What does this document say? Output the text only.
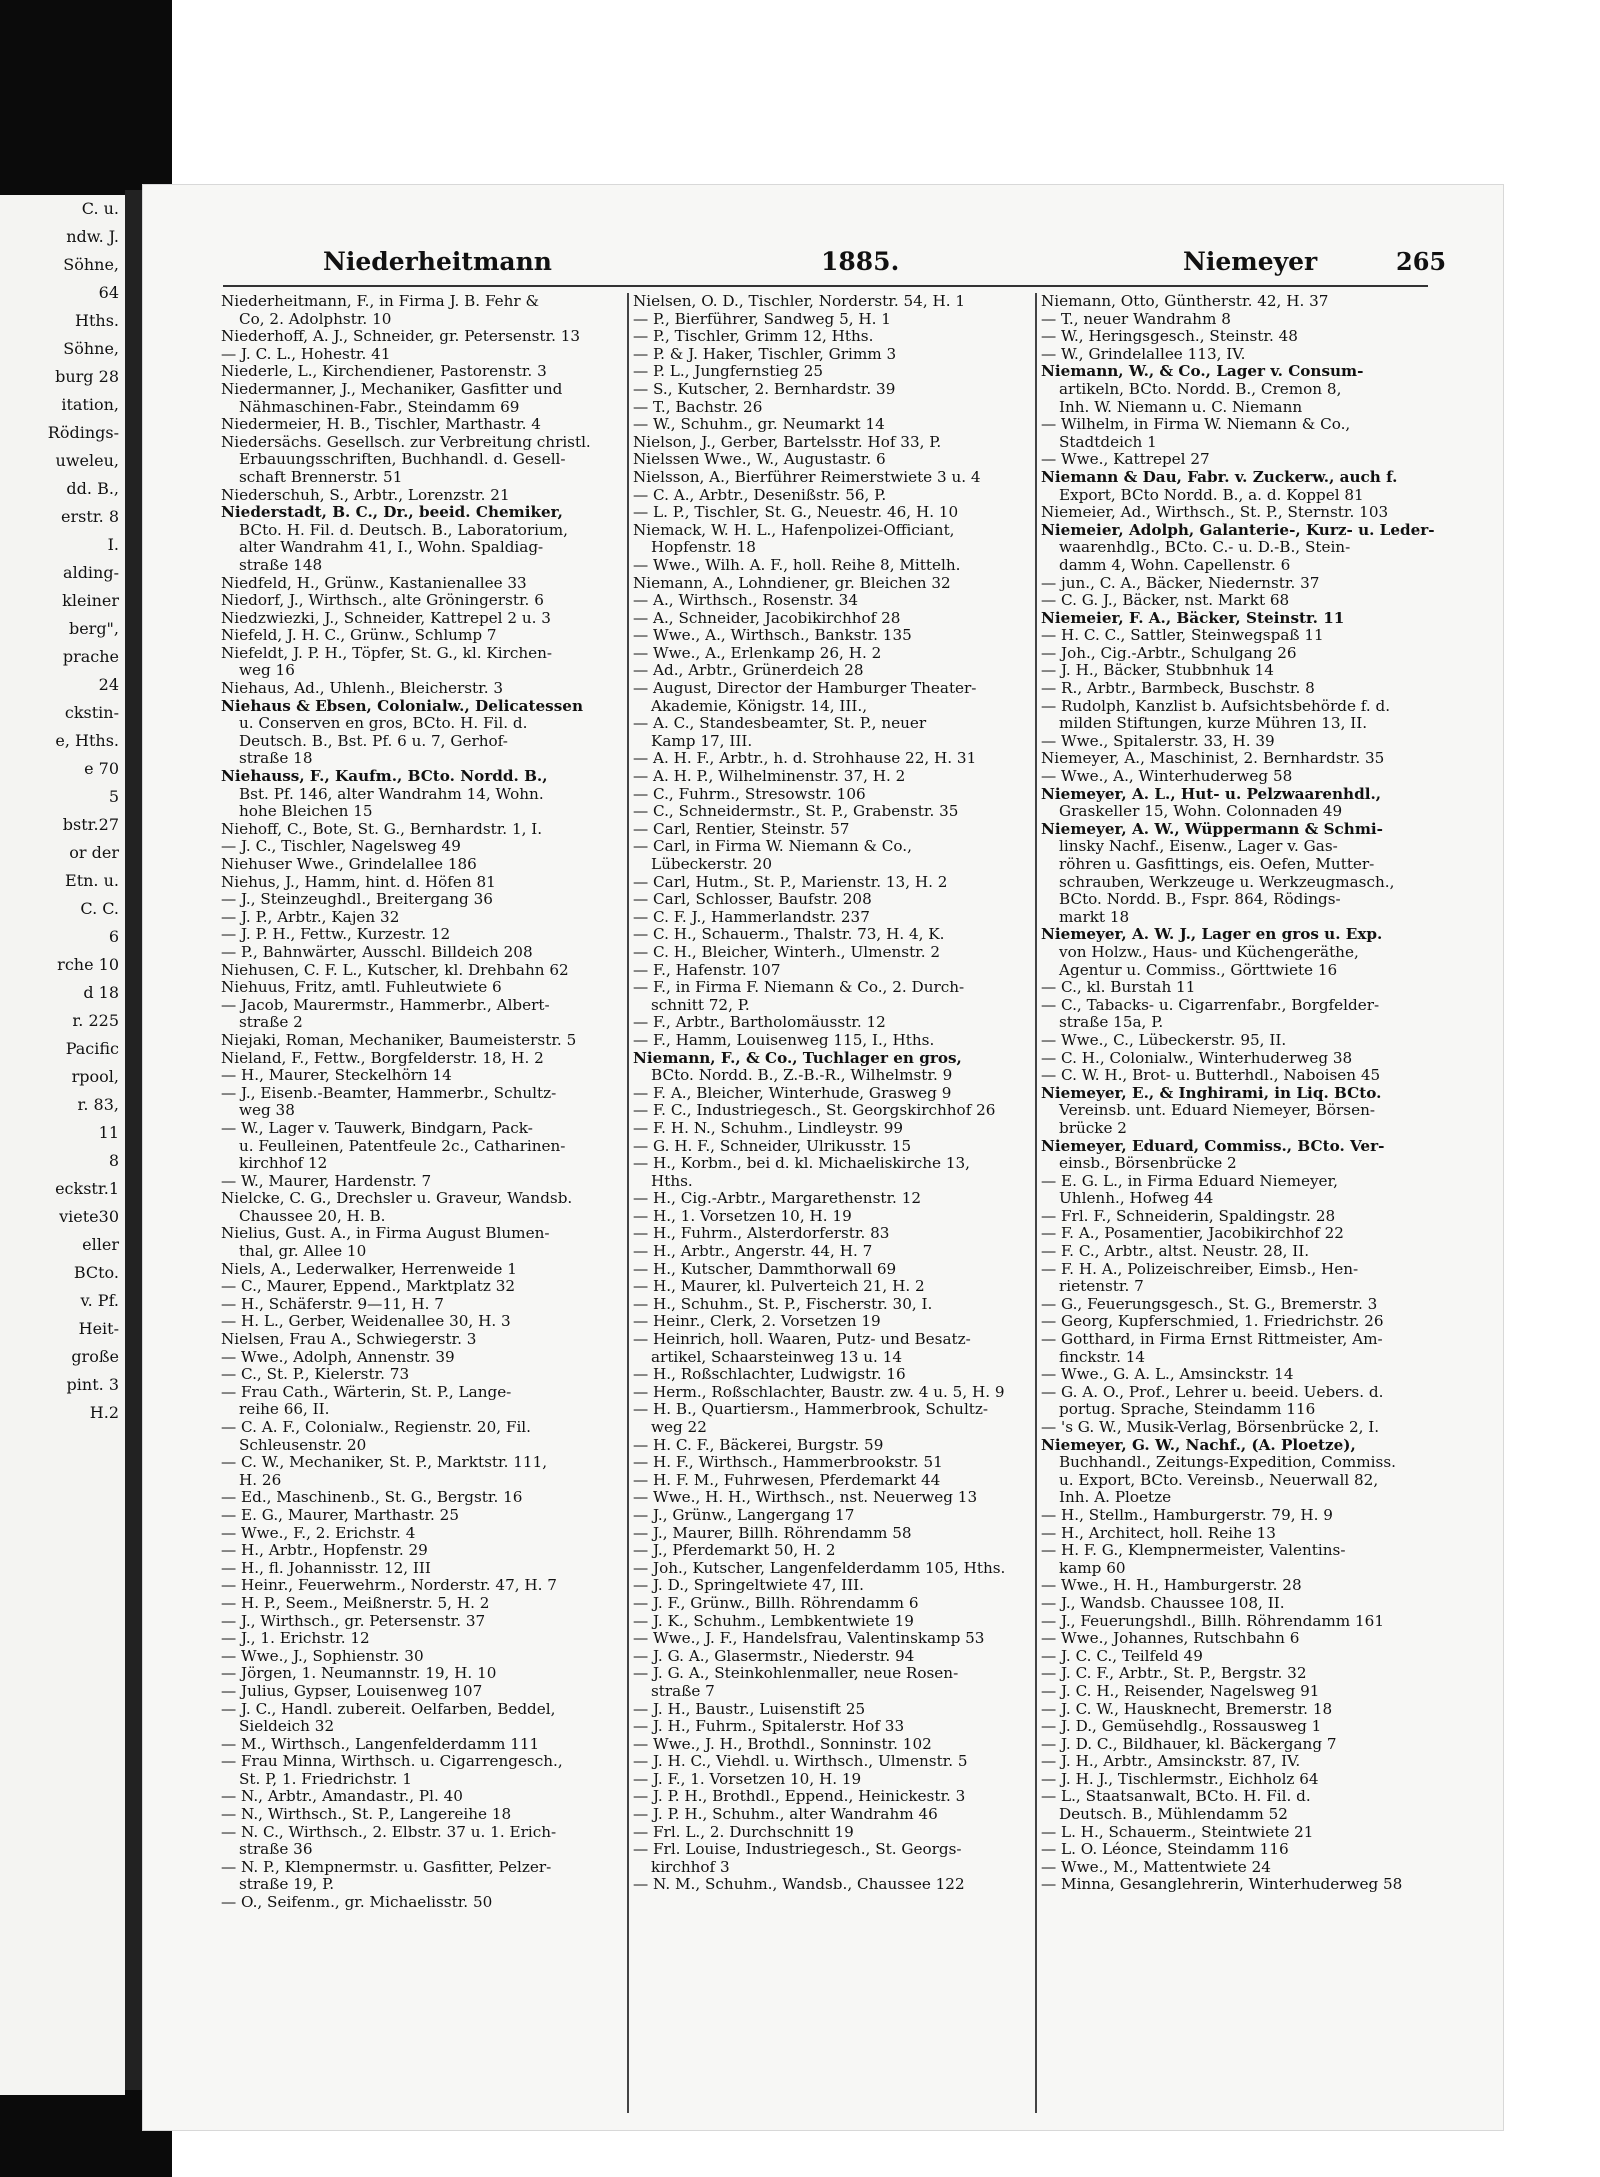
C. u.
ndw. J.
Söhne,
64
Hths.
Söhne,
burg 28
itation,
Rödings-
uweleu,
dd. B.,
erstr. 8
I.
alding-
kleiner
berg",
prache
24
ckstin-
e, Hths.
e 70
5
bstr.27
or der
Etn. u.
C. C.
6
rche 10
d 18
r. 225
Pacific
rpool,
r. 83,
11
8
eckstr.1
viete30
eller
BCto.
v. Pf.
Heit-
große
pint. 3
H.2
Niederheitmann	1885.	Niemeyer	265
Niederheitmann, F., in Firma J. B. Fehr &
Co, 2. Adolphstr. 10
Niederhoff, A. J., Schneider, gr. Petersenstr. 13
— J. C. L., Hohestr. 41
Niederle, L., Kirchendiener, Pastorenstr. 3
Niedermanner, J., Mechaniker, Gasfitter und
Nähmaschinen-Fabr., Steindamm 69
Niedermeier, H. B., Tischler, Marthastr. 4
Niedersächs. Gesellsch. zur Verbreitung christl.
Erbauungsschriften, Buchhandl. d. Gesell-
schaft Brennerstr. 51
Niederschuh, S., Arbtr., Lorenzstr. 21
Niederstadt, B. C., Dr., beeid. Chemiker,
BCto. H. Fil. d. Deutsch. B., Laboratorium,
alter Wandrahm 41, I., Wohn. Spaldiag-
straße 148
Niedfeld, H., Grünw., Kastanienallee 33
Niedorf, J., Wirthsch., alte Gröningerstr. 6
Niedzwiezki, J., Schneider, Kattrepel 2 u. 3
Niefeld, J. H. C., Grünw., Schlump 7
Niefeldt, J. P. H., Töpfer, St. G., kl. Kirchen-
weg 16
Niehaus, Ad., Uhlenh., Bleicherstr. 3
Niehaus & Ebsen, Colonialw., Delicatessen
u. Conserven en gros, BCto. H. Fil. d.
Deutsch. B., Bst. Pf. 6 u. 7, Gerhof-
straße 18
Niehauss, F., Kaufm., BCto. Nordd. B.,
Bst. Pf. 146, alter Wandrahm 14, Wohn.
hohe Bleichen 15
Niehoff, C., Bote, St. G., Bernhardstr. 1, I.
— J. C., Tischler, Nagelsweg 49
Niehuser Wwe., Grindelallee 186
Niehus, J., Hamm, hint. d. Höfen 81
— J., Steinzeughdl., Breitergang 36
— J. P., Arbtr., Kajen 32
— J. P. H., Fettw., Kurzestr. 12
— P., Bahnwärter, Ausschl. Billdeich 208
Niehusen, C. F. L., Kutscher, kl. Drehbahn 62
Niehuus, Fritz, amtl. Fuhleutwiete 6
— Jacob, Maurermstr., Hammerbr., Albert-
straße 2
Niejaki, Roman, Mechaniker, Baumeisterstr. 5
Nieland, F., Fettw., Borgfelderstr. 18, H. 2
— H., Maurer, Steckelhörn 14
— J., Eisenb.-Beamter, Hammerbr., Schultz-
weg 38
— W., Lager v. Tauwerk, Bindgarn, Pack-
u. Feulleinen, Patentfeule 2c., Catharinen-
kirchhof 12
— W., Maurer, Hardenstr. 7
Nielcke, C. G., Drechsler u. Graveur, Wandsb.
Chaussee 20, H. B.
Nielius, Gust. A., in Firma August Blumen-
thal, gr. Allee 10
Niels, A., Lederwalker, Herrenweide 1
— C., Maurer, Eppend., Marktplatz 32
— H., Schäferstr. 9—11, H. 7
— H. L., Gerber, Weidenallee 30, H. 3
Nielsen, Frau A., Schwiegerstr. 3
— Wwe., Adolph, Annenstr. 39
— C., St. P., Kielerstr. 73
— Frau Cath., Wärterin, St. P., Lange-
reihe 66, II.
— C. A. F., Colonialw., Regienstr. 20, Fil.
Schleusenstr. 20
— C. W., Mechaniker, St. P., Marktstr. 111,
H. 26
— Ed., Maschinenb., St. G., Bergstr. 16
— E. G., Maurer, Marthastr. 25
— Wwe., F., 2. Erichstr. 4
— H., Arbtr., Hopfenstr. 29
— H., fl. Johannisstr. 12, III
— Heinr., Feuerwehrm., Norderstr. 47, H. 7
— H. P., Seem., Meißnerstr. 5, H. 2
— J., Wirthsch., gr. Petersenstr. 37
— J., 1. Erichstr. 12
— Wwe., J., Sophienstr. 30
— Jörgen, 1. Neumannstr. 19, H. 10
— Julius, Gypser, Louisenweg 107
— J. C., Handl. zubereit. Oelfarben, Beddel,
Sieldeich 32
— M., Wirthsch., Langenfelderdamm 111
— Frau Minna, Wirthsch. u. Cigarrengesch.,
St. P, 1. Friedrichstr. 1
— N., Arbtr., Amandastr., Pl. 40
— N., Wirthsch., St. P., Langereihe 18
— N. C., Wirthsch., 2. Elbstr. 37 u. 1. Erich-
straße 36
— N. P., Klempnermstr. u. Gasfitter, Pelzer-
straße 19, P.
— O., Seifenm., gr. Michaelisstr. 50
Nielsen, O. D., Tischler, Norderstr. 54, H. 1
— P., Bierführer, Sandweg 5, H. 1
— P., Tischler, Grimm 12, Hths.
— P. & J. Haker, Tischler, Grimm 3
— P. L., Jungfernstieg 25
— S., Kutscher, 2. Bernhardstr. 39
— T., Bachstr. 26
— W., Schuhm., gr. Neumarkt 14
Nielson, J., Gerber, Bartelsstr. Hof 33, P.
Nielssen Wwe., W., Augustastr. 6
Nielsson, A., Bierführer Reimerstwiete 3 u. 4
— C. A., Arbtr., Desenißstr. 56, P.
— L. P., Tischler, St. G., Neuestr. 46, H. 10
Niemack, W. H. L., Hafenpolizei-Officiant,
Hopfenstr. 18
— Wwe., Wilh. A. F., holl. Reihe 8, Mittelh.
Niemann, A., Lohndiener, gr. Bleichen 32
— A., Wirthsch., Rosenstr. 34
— A., Schneider, Jacobikirchhof 28
— Wwe., A., Wirthsch., Bankstr. 135
— Wwe., A., Erlenkamp 26, H. 2
— Ad., Arbtr., Grünerdeich 28
— August, Director der Hamburger Theater-
Akademie, Königstr. 14, III.,
— A. C., Standesbeamter, St. P., neuer
Kamp 17, III.
— A. H. F., Arbtr., h. d. Strohhause 22, H. 31
— A. H. P., Wilhelminenstr. 37, H. 2
— C., Fuhrm., Stresowstr. 106
— C., Schneidermstr., St. P., Grabenstr. 35
— Carl, Rentier, Steinstr. 57
— Carl, in Firma W. Niemann & Co.,
Lübeckerstr. 20
— Carl, Hutm., St. P., Marienstr. 13, H. 2
— Carl, Schlosser, Baufstr. 208
— C. F. J., Hammerlandstr. 237
— C. H., Schauerm., Thalstr. 73, H. 4, K.
— C. H., Bleicher, Winterh., Ulmenstr. 2
— F., Hafenstr. 107
— F., in Firma F. Niemann & Co., 2. Durch-
schnitt 72, P.
— F., Arbtr., Bartholomäusstr. 12
— F., Hamm, Louisenweg 115, I., Hths.
Niemann, F., & Co., Tuchlager en gros,
BCto. Nordd. B., Z.-B.-R., Wilhelmstr. 9
— F. A., Bleicher, Winterhude, Grasweg 9
— F. C., Industriegesch., St. Georgskirchhof 26
— F. H. N., Schuhm., Lindleystr. 99
— G. H. F., Schneider, Ulrikusstr. 15
— H., Korbm., bei d. kl. Michaeliskirche 13,
Hths.
— H., Cig.-Arbtr., Margarethenstr. 12
— H., 1. Vorsetzen 10, H. 19
— H., Fuhrm., Alsterdorferstr. 83
— H., Arbtr., Angerstr. 44, H. 7
— H., Kutscher, Dammthorwall 69
— H., Maurer, kl. Pulverteich 21, H. 2
— H., Schuhm., St. P., Fischerstr. 30, I.
— Heinr., Clerk, 2. Vorsetzen 19
— Heinrich, holl. Waaren, Putz- und Besatz-
artikel, Schaarsteinweg 13 u. 14
— H., Roßschlachter, Ludwigstr. 16
— Herm., Roßschlachter, Baustr. zw. 4 u. 5, H. 9
— H. B., Quartiersm., Hammerbrook, Schultz-
weg 22
— H. C. F., Bäckerei, Burgstr. 59
— H. F., Wirthsch., Hammerbrookstr. 51
— H. F. M., Fuhrwesen, Pferdemarkt 44
— Wwe., H. H., Wirthsch., nst. Neuerweg 13
— J., Grünw., Langergang 17
— J., Maurer, Billh. Röhrendamm 58
— J., Pferdemarkt 50, H. 2
— Joh., Kutscher, Langenfelderdamm 105, Hths.
— J. D., Springeltwiete 47, III.
— J. F., Grünw., Billh. Röhrendamm 6
— J. K., Schuhm., Lembkentwiete 19
— Wwe., J. F., Handelsfrau, Valentinskamp 53
— J. G. A., Glasermstr., Niederstr. 94
— J. G. A., Steinkohlenmaller, neue Rosen-
straße 7
— J. H., Baustr., Luisenstift 25
— J. H., Fuhrm., Spitalerstr. Hof 33
— Wwe., J. H., Brothdl., Sonninstr. 102
— J. H. C., Viehdl. u. Wirthsch., Ulmenstr. 5
— J. F., 1. Vorsetzen 10, H. 19
— J. P. H., Brothdl., Eppend., Heinickestr. 3
— J. P. H., Schuhm., alter Wandrahm 46
— Frl. L., 2. Durchschnitt 19
— Frl. Louise, Industriegesch., St. Georgs-
kirchhof 3
— N. M., Schuhm., Wandsb., Chaussee 122
Niemann, Otto, Güntherstr. 42, H. 37
— T., neuer Wandrahm 8
— W., Heringsgesch., Steinstr. 48
— W., Grindelallee 113, IV.
Niemann, W., & Co., Lager v. Consum-
artikeln, BCto. Nordd. B., Cremon 8,
Inh. W. Niemann u. C. Niemann
— Wilhelm, in Firma W. Niemann & Co.,
Stadtdeich 1
— Wwe., Kattrepel 27
Niemann & Dau, Fabr. v. Zuckerw., auch f.
Export, BCto Nordd. B., a. d. Koppel 81
Niemeier, Ad., Wirthsch., St. P., Sternstr. 103
Niemeier, Adolph, Galanterie-, Kurz- u. Leder-
waarenhdlg., BCto. C.- u. D.-B., Stein-
damm 4, Wohn. Capellenstr. 6
— jun., C. A., Bäcker, Niedernstr. 37
— C. G. J., Bäcker, nst. Markt 68
Niemeier, F. A., Bäcker, Steinstr. 11
— H. C. C., Sattler, Steinwegspaß 11
— Joh., Cig.-Arbtr., Schulgang 26
— J. H., Bäcker, Stubbnhuk 14
— R., Arbtr., Barmbeck, Buschstr. 8
— Rudolph, Kanzlist b. Aufsichtsbehörde f. d.
milden Stiftungen, kurze Mühren 13, II.
— Wwe., Spitalerstr. 33, H. 39
Niemeyer, A., Maschinist, 2. Bernhardstr. 35
— Wwe., A., Winterhuderweg 58
Niemeyer, A. L., Hut- u. Pelzwaarenhdl.,
Graskeller 15, Wohn. Colonnaden 49
Niemeyer, A. W., Wüppermann & Schmi-
linsky Nachf., Eisenw., Lager v. Gas-
röhren u. Gasfittings, eis. Oefen, Mutter-
schrauben, Werkzeuge u. Werkzeugmasch.,
BCto. Nordd. B., Fspr. 864, Rödings-
markt 18
Niemeyer, A. W. J., Lager en gros u. Exp.
von Holzw., Haus- und Küchengeräthe,
Agentur u. Commiss., Görttwiete 16
— C., kl. Burstah 11
— C., Tabacks- u. Cigarrenfabr., Borgfelder-
straße 15a, P.
— Wwe., C., Lübeckerstr. 95, II.
— C. H., Colonialw., Winterhuderweg 38
— C. W. H., Brot- u. Butterhdl., Naboisen 45
Niemeyer, E., & Inghirami, in Liq. BCto.
Vereinsb. unt. Eduard Niemeyer, Börsen-
brücke 2
Niemeyer, Eduard, Commiss., BCto. Ver-
einsb., Börsenbrücke 2
— E. G. L., in Firma Eduard Niemeyer,
Uhlenh., Hofweg 44
— Frl. F., Schneiderin, Spaldingstr. 28
— F. A., Posamentier, Jacobikirchhof 22
— F. C., Arbtr., altst. Neustr. 28, II.
— F. H. A., Polizeischreiber, Eimsb., Hen-
rietenstr. 7
— G., Feuerungsgesch., St. G., Bremerstr. 3
— Georg, Kupferschmied, 1. Friedrichstr. 26
— Gotthard, in Firma Ernst Rittmeister, Am-
finckstr. 14
— Wwe., G. A. L., Amsinckstr. 14
— G. A. O., Prof., Lehrer u. beeid. Uebers. d.
portug. Sprache, Steindamm 116
— 's G. W., Musik-Verlag, Börsenbrücke 2, I.
Niemeyer, G. W., Nachf., (A. Ploetze),
Buchhandl., Zeitungs-Expedition, Commiss.
u. Export, BCto. Vereinsb., Neuerwall 82,
Inh. A. Ploetze
— H., Stellm., Hamburgerstr. 79, H. 9
— H., Architect, holl. Reihe 13
— H. F. G., Klempnermeister, Valentins-
kamp 60
— Wwe., H. H., Hamburgerstr. 28
— J., Wandsb. Chaussee 108, II.
— J., Feuerungshdl., Billh. Röhrendamm 161
— Wwe., Johannes, Rutschbahn 6
— J. C. C., Teilfeld 49
— J. C. F., Arbtr., St. P., Bergstr. 32
— J. C. H., Reisender, Nagelsweg 91
— J. C. W., Hausknecht, Bremerstr. 18
— J. D., Gemüsehdlg., Rossausweg 1
— J. D. C., Bildhauer, kl. Bäckergang 7
— J. H., Arbtr., Amsinckstr. 87, IV.
— J. H. J., Tischlermstr., Eichholz 64
— L., Staatsanwalt, BCto. H. Fil. d.
Deutsch. B., Mühlendamm 52
— L. H., Schauerm., Steintwiete 21
— L. O. Léonce, Steindamm 116
— Wwe., M., Mattentwiete 24
— Minna, Gesanglehrerin, Winterhuderweg 58
